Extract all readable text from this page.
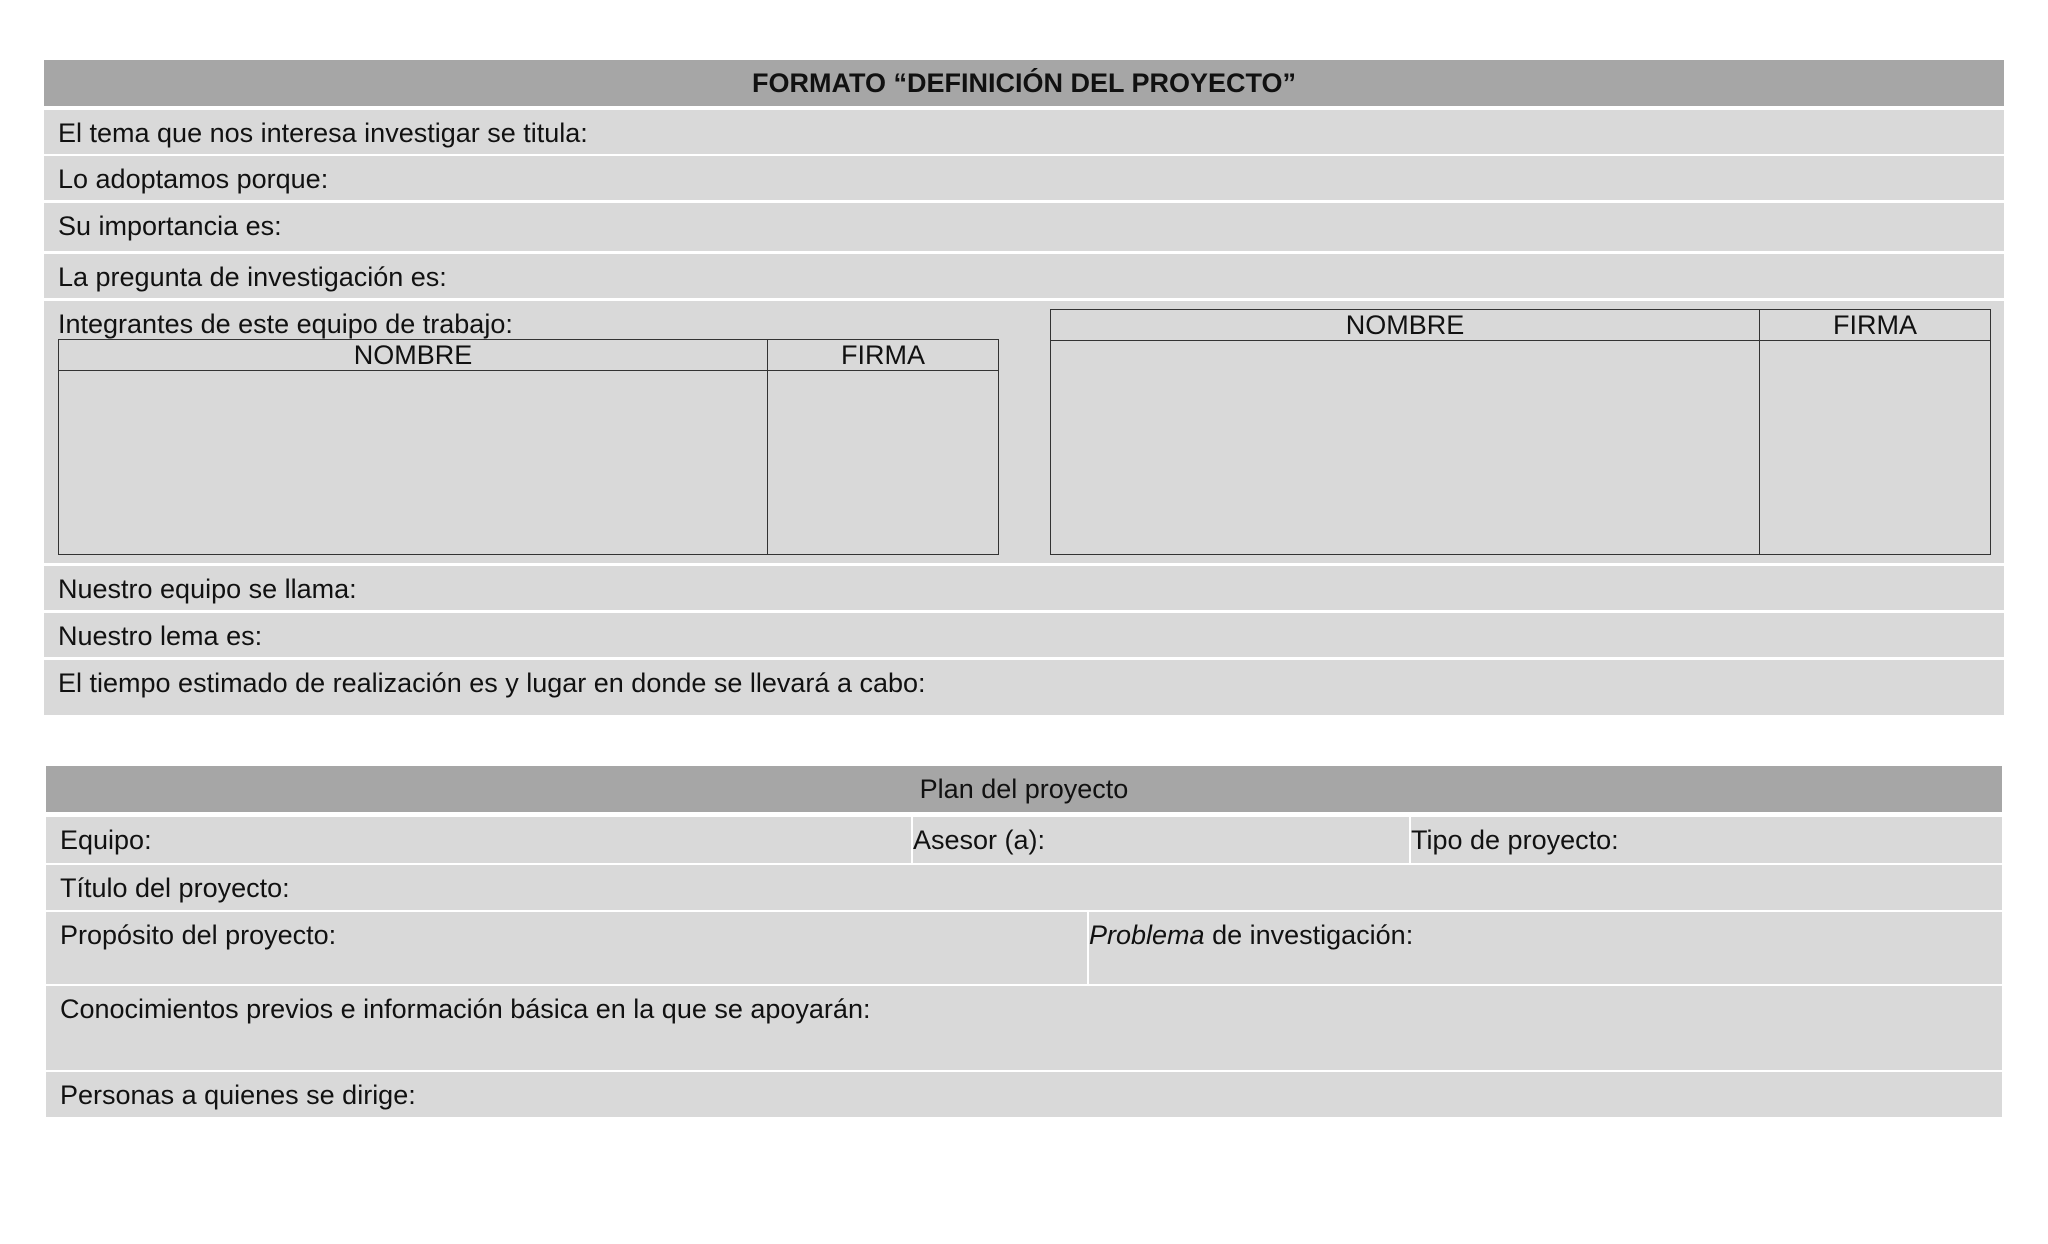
FORMATO “DEFINICIÓN DEL PROYECTO”
El tema que nos interesa investigar se titula:
Lo adoptamos porque:
Su importancia es:
La pregunta de investigación es:
Integrantes de este equipo de trabajo:
NOMBRE	FIRMA

NOMBRE	FIRMA

Nuestro equipo se llama:
Nuestro lema es:
El tiempo estimado de realización es y lugar en donde se llevará a cabo:
Plan del proyecto
Equipo:	Asesor (a):	Tipo de proyecto:
Título del proyecto:
Propósito del proyecto:	Problema de investigación:
Conocimientos previos e información básica en la que se apoyarán:
Personas a quienes se dirige:
